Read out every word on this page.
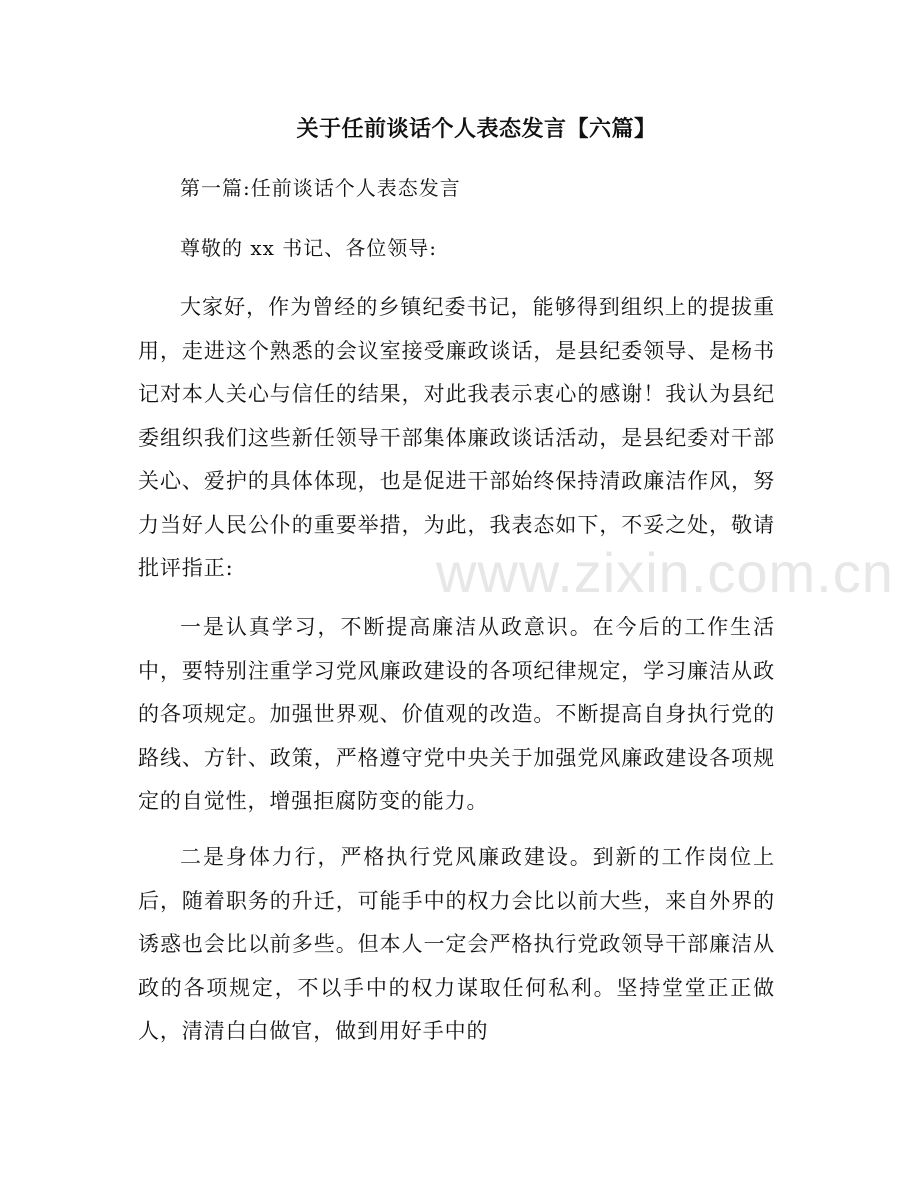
关于任前谈话个人表态发言【六篇】
第一篇:任前谈话个人表态发言
尊敬的 xx 书记、各位领导:

大家好，作为曾经的乡镇纪委书记，能够得到组织上的提拔重用，走进这个熟悉的会议室接受廉政谈话，是县纪委领导、是杨书记对本人关心与信任的结果，对此我表示衷心的感谢！我认为县纪委组织我们这些新任领导干部集体廉政谈话活动，是县纪委对干部关心、爱护的具体体现，也是促进干部始终保持清政廉洁作风，努力当好人民公仆的重要举措，为此，我表态如下，不妥之处，敬请批评指正:

一是认真学习，不断提高廉洁从政意识。在今后的工作生活中，要特别注重学习党风廉政建设的各项纪律规定，学习廉洁从政的各项规定。加强世界观、价值观的改造。不断提高自身执行党的路线、方针、政策，严格遵守党中央关于加强党风廉政建设各项规定的自觉性，增强拒腐防变的能力。

二是身体力行，严格执行党风廉政建设。到新的工作岗位上后，随着职务的升迁，可能手中的权力会比以前大些，来自外界的诱惑也会比以前多些。但本人一定会严格执行党政领导干部廉洁从政的各项规定，不以手中的权力谋取任何私利。坚持堂堂正正做人，清清白白做官，做到用好手中的

www.zixin.com.cn
